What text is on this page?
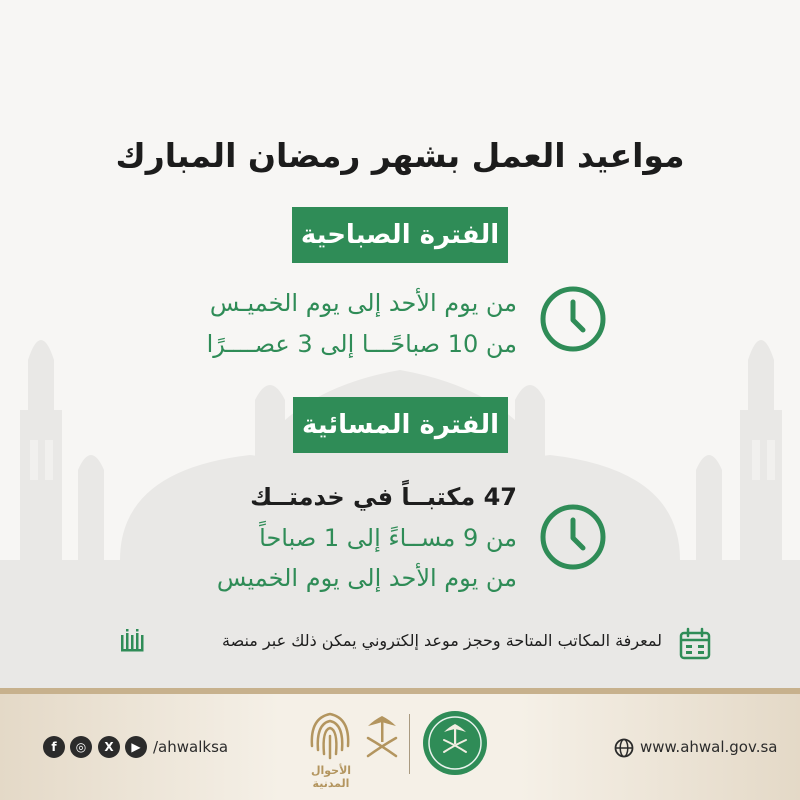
مواعيد العمل بشهر رمضان المبارك
الفترة الصباحية
من يوم الأحد إلى يوم الخميـس
من 10 صباحًـــا إلى 3 عصــــرًا
الفترة المسائية
47 مكتبــاً في خدمتــك
من 9 مســاءً إلى 1 صباحاً
من يوم الأحد إلى يوم الخميس
لمعرفة المكاتب المتاحة وحجز موعد إلكتروني يمكن ذلك عبر منصة
f	◎	X	▶ /ahwalksa
الأحوال المدنية
www.ahwal.gov.sa
